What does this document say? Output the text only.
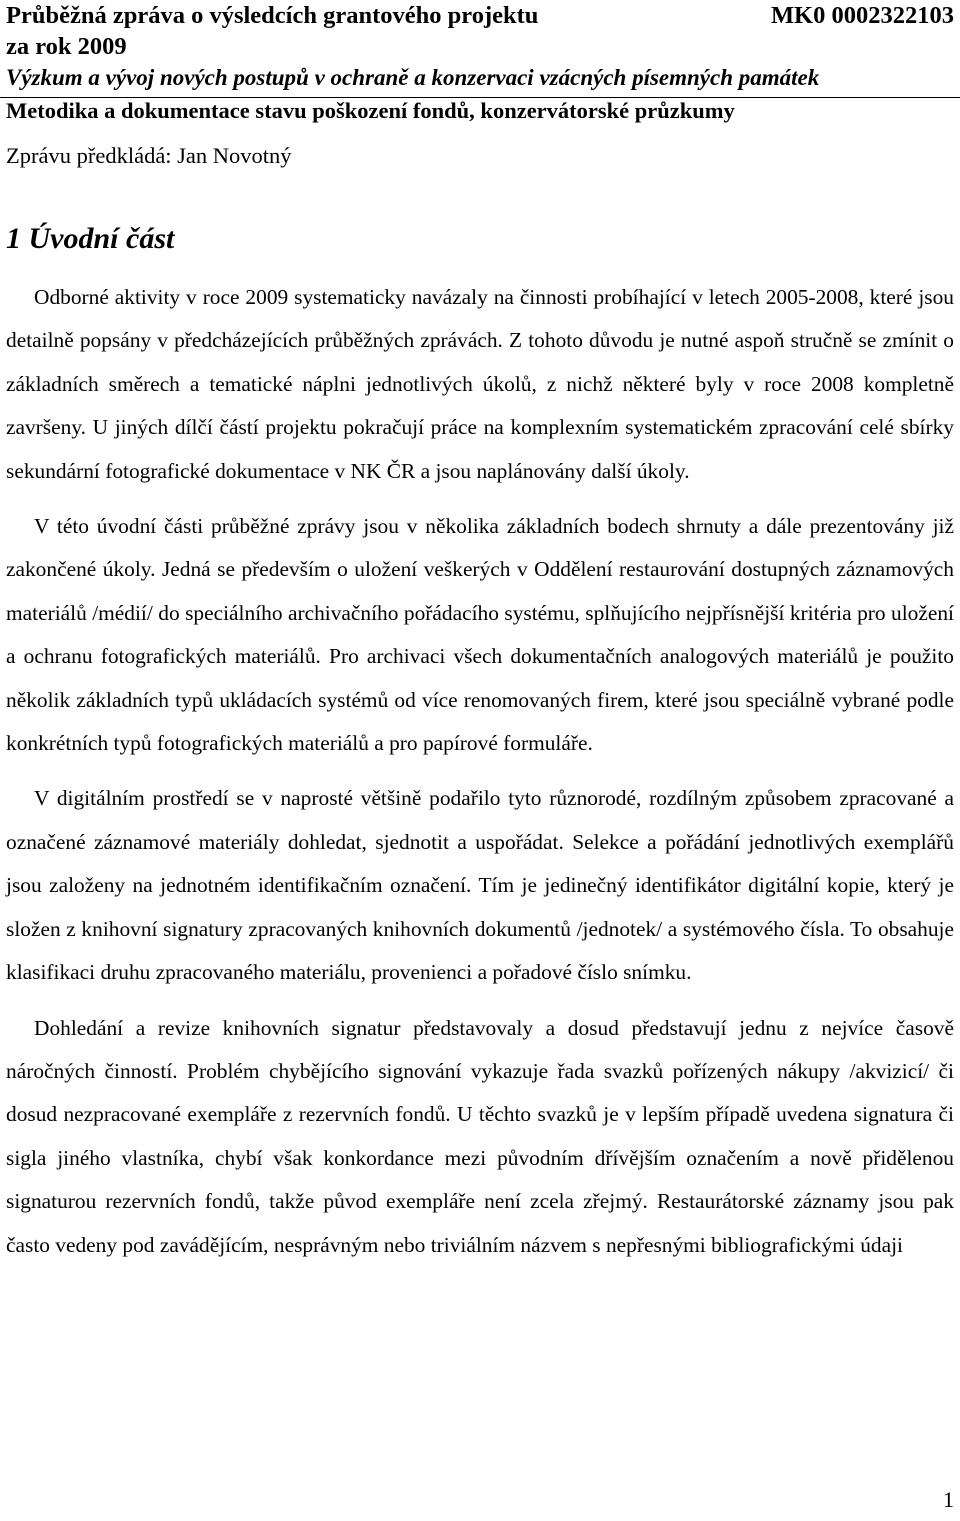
Průběžná zpráva o výsledcích grantového projektu	MK0 0002322103
za rok 2009
Výzkum a vývoj nových postupů v ochraně a konzervaci vzácných písemných památek
Metodika a dokumentace stavu poškození fondů, konzervátorské průzkumy
Zprávu předkládá: Jan Novotný
1 Úvodní část

Odborné aktivity v roce 2009 systematicky navázaly na činnosti probíhající v letech 2005-2008, které jsou detailně popsány v předcházejících průběžných zprávách. Z tohoto důvodu je nutné aspoň stručně se zmínit o základních směrech a tematické náplni jednotlivých úkolů, z nichž některé byly v roce 2008 kompletně završeny. U jiných dílčí částí projektu pokračují práce na komplexním systematickém zpracování celé sbírky sekundární fotografické dokumentace v NK ČR a jsou naplánovány další úkoly.

V této úvodní části průběžné zprávy jsou v několika základních bodech shrnuty a dále prezentovány již zakončené úkoly. Jedná se především o uložení veškerých v Oddělení restaurování dostupných záznamových materiálů /médií/ do speciálního archivačního pořádacího systému, splňujícího nejpřísnější kritéria pro uložení a ochranu fotografických materiálů. Pro archivaci všech dokumentačních analogových materiálů je použito několik základních typů ukládacích systémů od více renomovaných firem, které jsou speciálně vybrané podle konkrétních typů fotografických materiálů a pro papírové formuláře.

V digitálním prostředí se v naprosté většině podařilo tyto různorodé, rozdílným způsobem zpracované a označené záznamové materiály dohledat, sjednotit a uspořádat. Selekce a pořádání jednotlivých exemplářů jsou založeny na jednotném identifikačním označení. Tím je jedinečný identifikátor digitální kopie, který je složen z knihovní signatury zpracovaných knihovních dokumentů /jednotek/ a systémového čísla. To obsahuje klasifikaci druhu zpracovaného materiálu, provenienci a pořadové číslo snímku.

Dohledání a revize knihovních signatur představovaly a dosud představují jednu z nejvíce časově náročných činností. Problém chybějícího signování vykazuje řada svazků pořízených nákupy /akvizicí/ či dosud nezpracované exempláře z rezervních fondů. U těchto svazků je v lepším případě uvedena signatura či sigla jiného vlastníka, chybí však konkordance mezi původním dřívějším označením a nově přidělenou signaturou rezervních fondů, takže původ exempláře není zcela zřejmý. Restaurátorské záznamy jsou pak často vedeny pod zavádějícím, nesprávným nebo triviálním názvem s nepřesnými bibliografickými údaji

1
